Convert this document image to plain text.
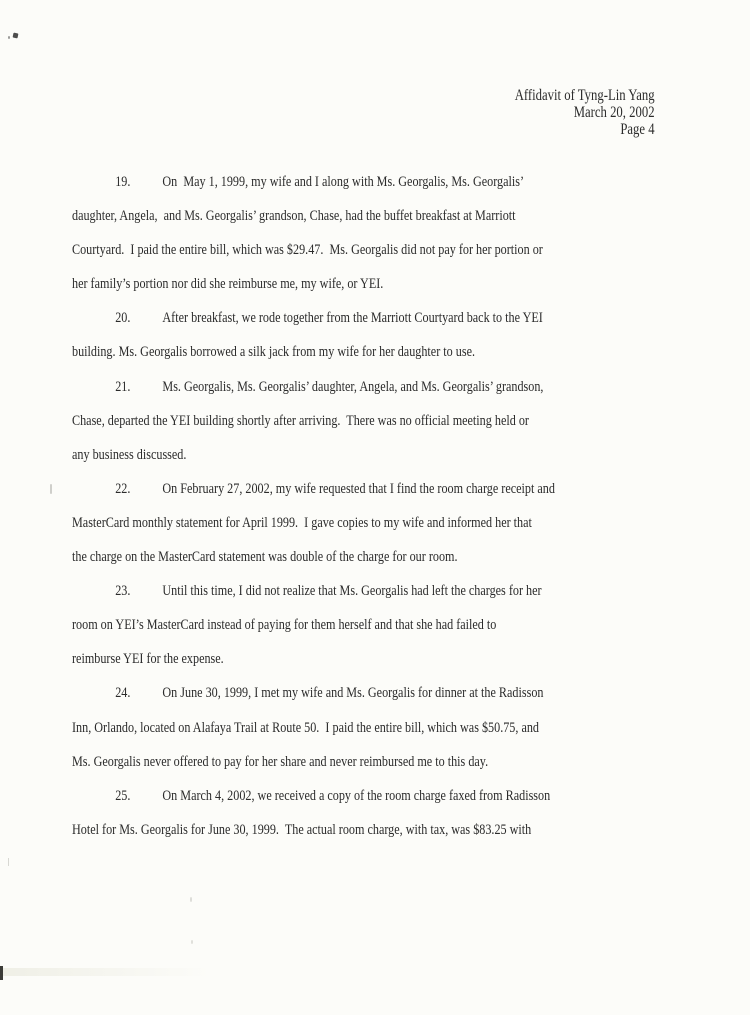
Affidavit of Tyng-Lin Yang
March 20, 2002
Page 4
19. On  May 1, 1999, my wife and I along with Ms. Georgalis, Ms. Georgalis’
daughter, Angela,  and Ms. Georgalis’ grandson, Chase, had the buffet breakfast at Marriott
Courtyard.  I paid the entire bill, which was $29.47.  Ms. Georgalis did not pay for her portion or
her family’s portion nor did she reimburse me, my wife, or YEI.
20. After breakfast, we rode together from the Marriott Courtyard back to the YEI
building. Ms. Georgalis borrowed a silk jack from my wife for her daughter to use.
21. Ms. Georgalis, Ms. Georgalis’ daughter, Angela, and Ms. Georgalis’ grandson,
Chase, departed the YEI building shortly after arriving.  There was no official meeting held or
any business discussed.
22. On February 27, 2002, my wife requested that I find the room charge receipt and
MasterCard monthly statement for April 1999.  I gave copies to my wife and informed her that
the charge on the MasterCard statement was double of the charge for our room.
23. Until this time, I did not realize that Ms. Georgalis had left the charges for her
room on YEI’s MasterCard instead of paying for them herself and that she had failed to
reimburse YEI for the expense.
24. On June 30, 1999, I met my wife and Ms. Georgalis for dinner at the Radisson
Inn, Orlando, located on Alafaya Trail at Route 50.  I paid the entire bill, which was $50.75, and
Ms. Georgalis never offered to pay for her share and never reimbursed me to this day.
25. On March 4, 2002, we received a copy of the room charge faxed from Radisson
Hotel for Ms. Georgalis for June 30, 1999.  The actual room charge, with tax, was $83.25 with
